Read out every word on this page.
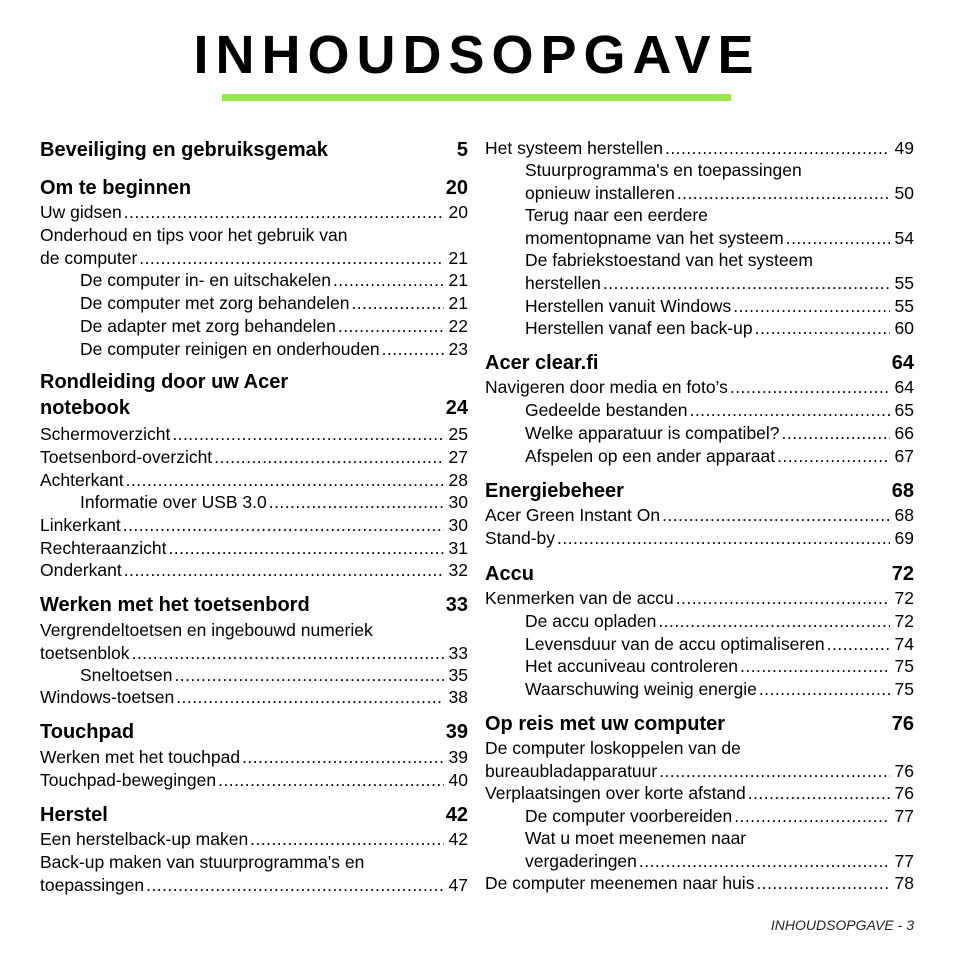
INHOUDSOPGAVE
Beveiliging en gebruiksgemak	5
Om te beginnen	20
Uw gidsen . . .	20
Onderhoud en tips voor het gebruik van
de computer . . .	21
De computer in- en uitschakelen . . .	21
De computer met zorg behandelen . . .	21
De adapter met zorg behandelen . . .	22
De computer reinigen en onderhouden . . .	23
Rondleiding door uw Acer
notebook	24
Schermoverzicht . . .	25
Toetsenbord-overzicht . . .	27
Achterkant . . .	28
Informatie over USB 3.0 . . .	30
Linkerkant . . .	30
Rechteraanzicht . . .	31
Onderkant . . .	32
Werken met het toetsenbord	33
Vergrendeltoetsen en ingebouwd numeriek
toetsenblok . . .	33
Sneltoetsen . . .	35
Windows-toetsen . . .	38
Touchpad	39
Werken met het touchpad . . .	39
Touchpad-bewegingen . . .	40
Herstel	42
Een herstelback-up maken . . .	42
Back-up maken van stuurprogramma's en
toepassingen . . .	47
Het systeem herstellen . . .	49
Stuurprogramma's en toepassingen
opnieuw installeren . . .	50
Terug naar een eerdere
momentopname van het systeem . . .	54
De fabriekstoestand van het systeem
herstellen . . .	55
Herstellen vanuit Windows . . .	55
Herstellen vanaf een back-up . . .	60
Acer clear.fi	64
Navigeren door media en foto’s . . .	64
Gedeelde bestanden . . .	65
Welke apparatuur is compatibel? . . .	66
Afspelen op een ander apparaat . . .	67
Energiebeheer	68
Acer Green Instant On . . .	68
Stand-by . . .	69
Accu	72
Kenmerken van de accu . . .	72
De accu opladen . . .	72
Levensduur van de accu optimaliseren . . .	74
Het accuniveau controleren . . .	75
Waarschuwing weinig energie . . .	75
Op reis met uw computer	76
De computer loskoppelen van de
bureaubladapparatuur . . .	76
Verplaatsingen over korte afstand . . .	76
De computer voorbereiden . . .	77
Wat u moet meenemen naar
vergaderingen . . .	77
De computer meenemen naar huis . . .	78
INHOUDSOPGAVE - 3
